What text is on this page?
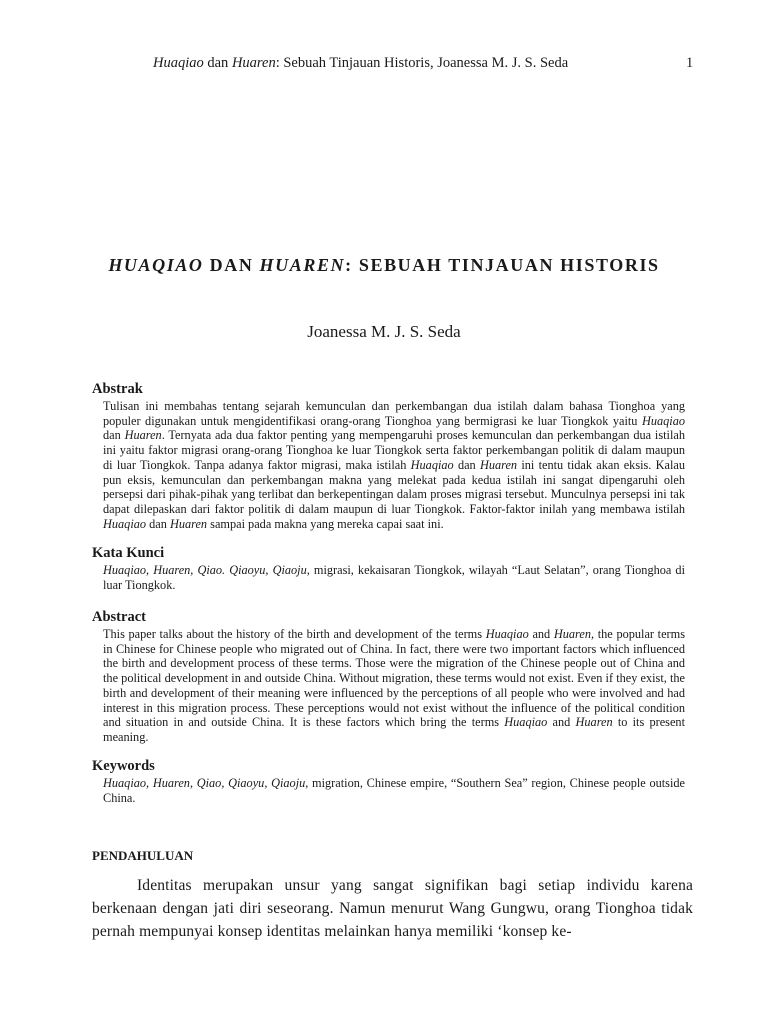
Huaqiao dan Huaren: Sebuah Tinjauan Historis, Joanessa M. J. S. Seda	1
HUAQIAO DAN HUAREN: SEBUAH TINJAUAN HISTORIS
Joanessa M. J. S. Seda
Abstrak
Tulisan ini membahas tentang sejarah kemunculan dan perkembangan dua istilah dalam bahasa Tionghoa yang populer digunakan untuk mengidentifikasi orang-orang Tionghoa yang bermigrasi ke luar Tiongkok yaitu Huaqiao dan Huaren. Ternyata ada dua faktor penting yang mempengaruhi proses kemunculan dan perkembangan dua istilah ini yaitu faktor migrasi orang-orang Tionghoa ke luar Tiongkok serta faktor perkembangan politik di dalam maupun di luar Tiongkok. Tanpa adanya faktor migrasi, maka istilah Huaqiao dan Huaren ini tentu tidak akan eksis. Kalau pun eksis, kemunculan dan perkembangan makna yang melekat pada kedua istilah ini sangat dipengaruhi oleh persepsi dari pihak-pihak yang terlibat dan berkepentingan dalam proses migrasi tersebut. Munculnya persepsi ini tak dapat dilepaskan dari faktor politik di dalam maupun di luar Tiongkok. Faktor-faktor inilah yang membawa istilah Huaqiao dan Huaren sampai pada makna yang mereka capai saat ini.
Kata Kunci
Huaqiao, Huaren, Qiao. Qiaoyu, Qiaoju, migrasi, kekaisaran Tiongkok, wilayah “Laut Selatan”, orang Tionghoa di luar Tiongkok.
Abstract
This paper talks about the history of the birth and development of the terms Huaqiao and Huaren, the popular terms in Chinese for Chinese people who migrated out of China. In fact, there were two important factors which influenced the birth and development process of these terms. Those were the migration of the Chinese people out of China and the political development in and outside China. Without migration, these terms would not exist. Even if they exist, the birth and development of their meaning were influenced by the perceptions of all people who were involved and had interest in this migration process. These perceptions would not exist without the influence of the political condition and situation in and outside China. It is these factors which bring the terms Huaqiao and Huaren to its present meaning.
Keywords
Huaqiao, Huaren, Qiao, Qiaoyu, Qiaoju, migration, Chinese empire, “Southern Sea” region, Chinese people outside China.
PENDAHULUAN
Identitas merupakan unsur yang sangat signifikan bagi setiap individu karena berkenaan dengan jati diri seseorang. Namun menurut Wang Gungwu, orang Tionghoa tidak pernah mempunyai konsep identitas melainkan hanya memiliki ‘konsep ke-
